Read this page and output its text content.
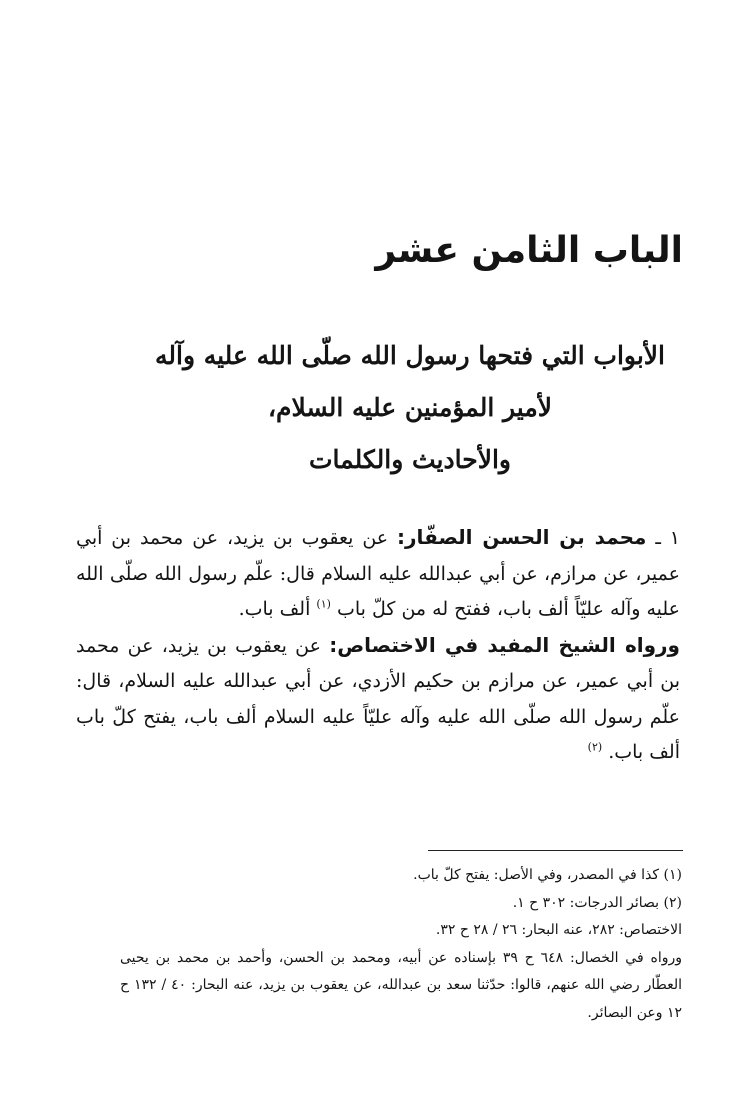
الباب الثامن عشر
الأبواب التي فتحها رسول الله صلّى الله عليه وآله
لأمير المؤمنين عليه السلام،
والأحاديث والكلمات

١ ـ محمد بن الحسن الصفّار: عن يعقوب بن يزيد، عن محمد بن أبي عمير، عن مرازم، عن أبي عبدالله عليه السلام قال: علّم رسول الله صلّى الله عليه وآله عليّاً ألف باب، ففتح له من كلّ باب $^{(١)}$ ألف باب.

ورواه الشيخ المفيد في الاختصاص: عن يعقوب بن يزيد، عن محمد بن أبي عمير، عن مرازم بن حكيم الأزدي، عن أبي عبدالله عليه السلام، قال: علّم رسول الله صلّى الله عليه وآله عليّاً عليه السلام ألف باب، يفتح كلّ باب ألف باب. $^{(٢)}$

(١) كذا في المصدر، وفي الأصل: يفتح كلّ باب.

(٢) بصائر الدرجات: ٣٠٢ ح ١.

الاختصاص: ٢٨٢، عنه البحار: ٢٦ / ٢٨ ح ٣٢.

ورواه في الخصال: ٦٤٨ ح ٣٩ بإسناده عن أبيه، ومحمد بن الحسن، وأحمد بن محمد بن يحيى العطّار رضي الله عنهم، قالوا: حدّثنا سعد بن عبدالله، عن يعقوب بن يزيد، عنه البحار: ٤٠ / ١٣٢ ح ١٢ وعن البصائر.
